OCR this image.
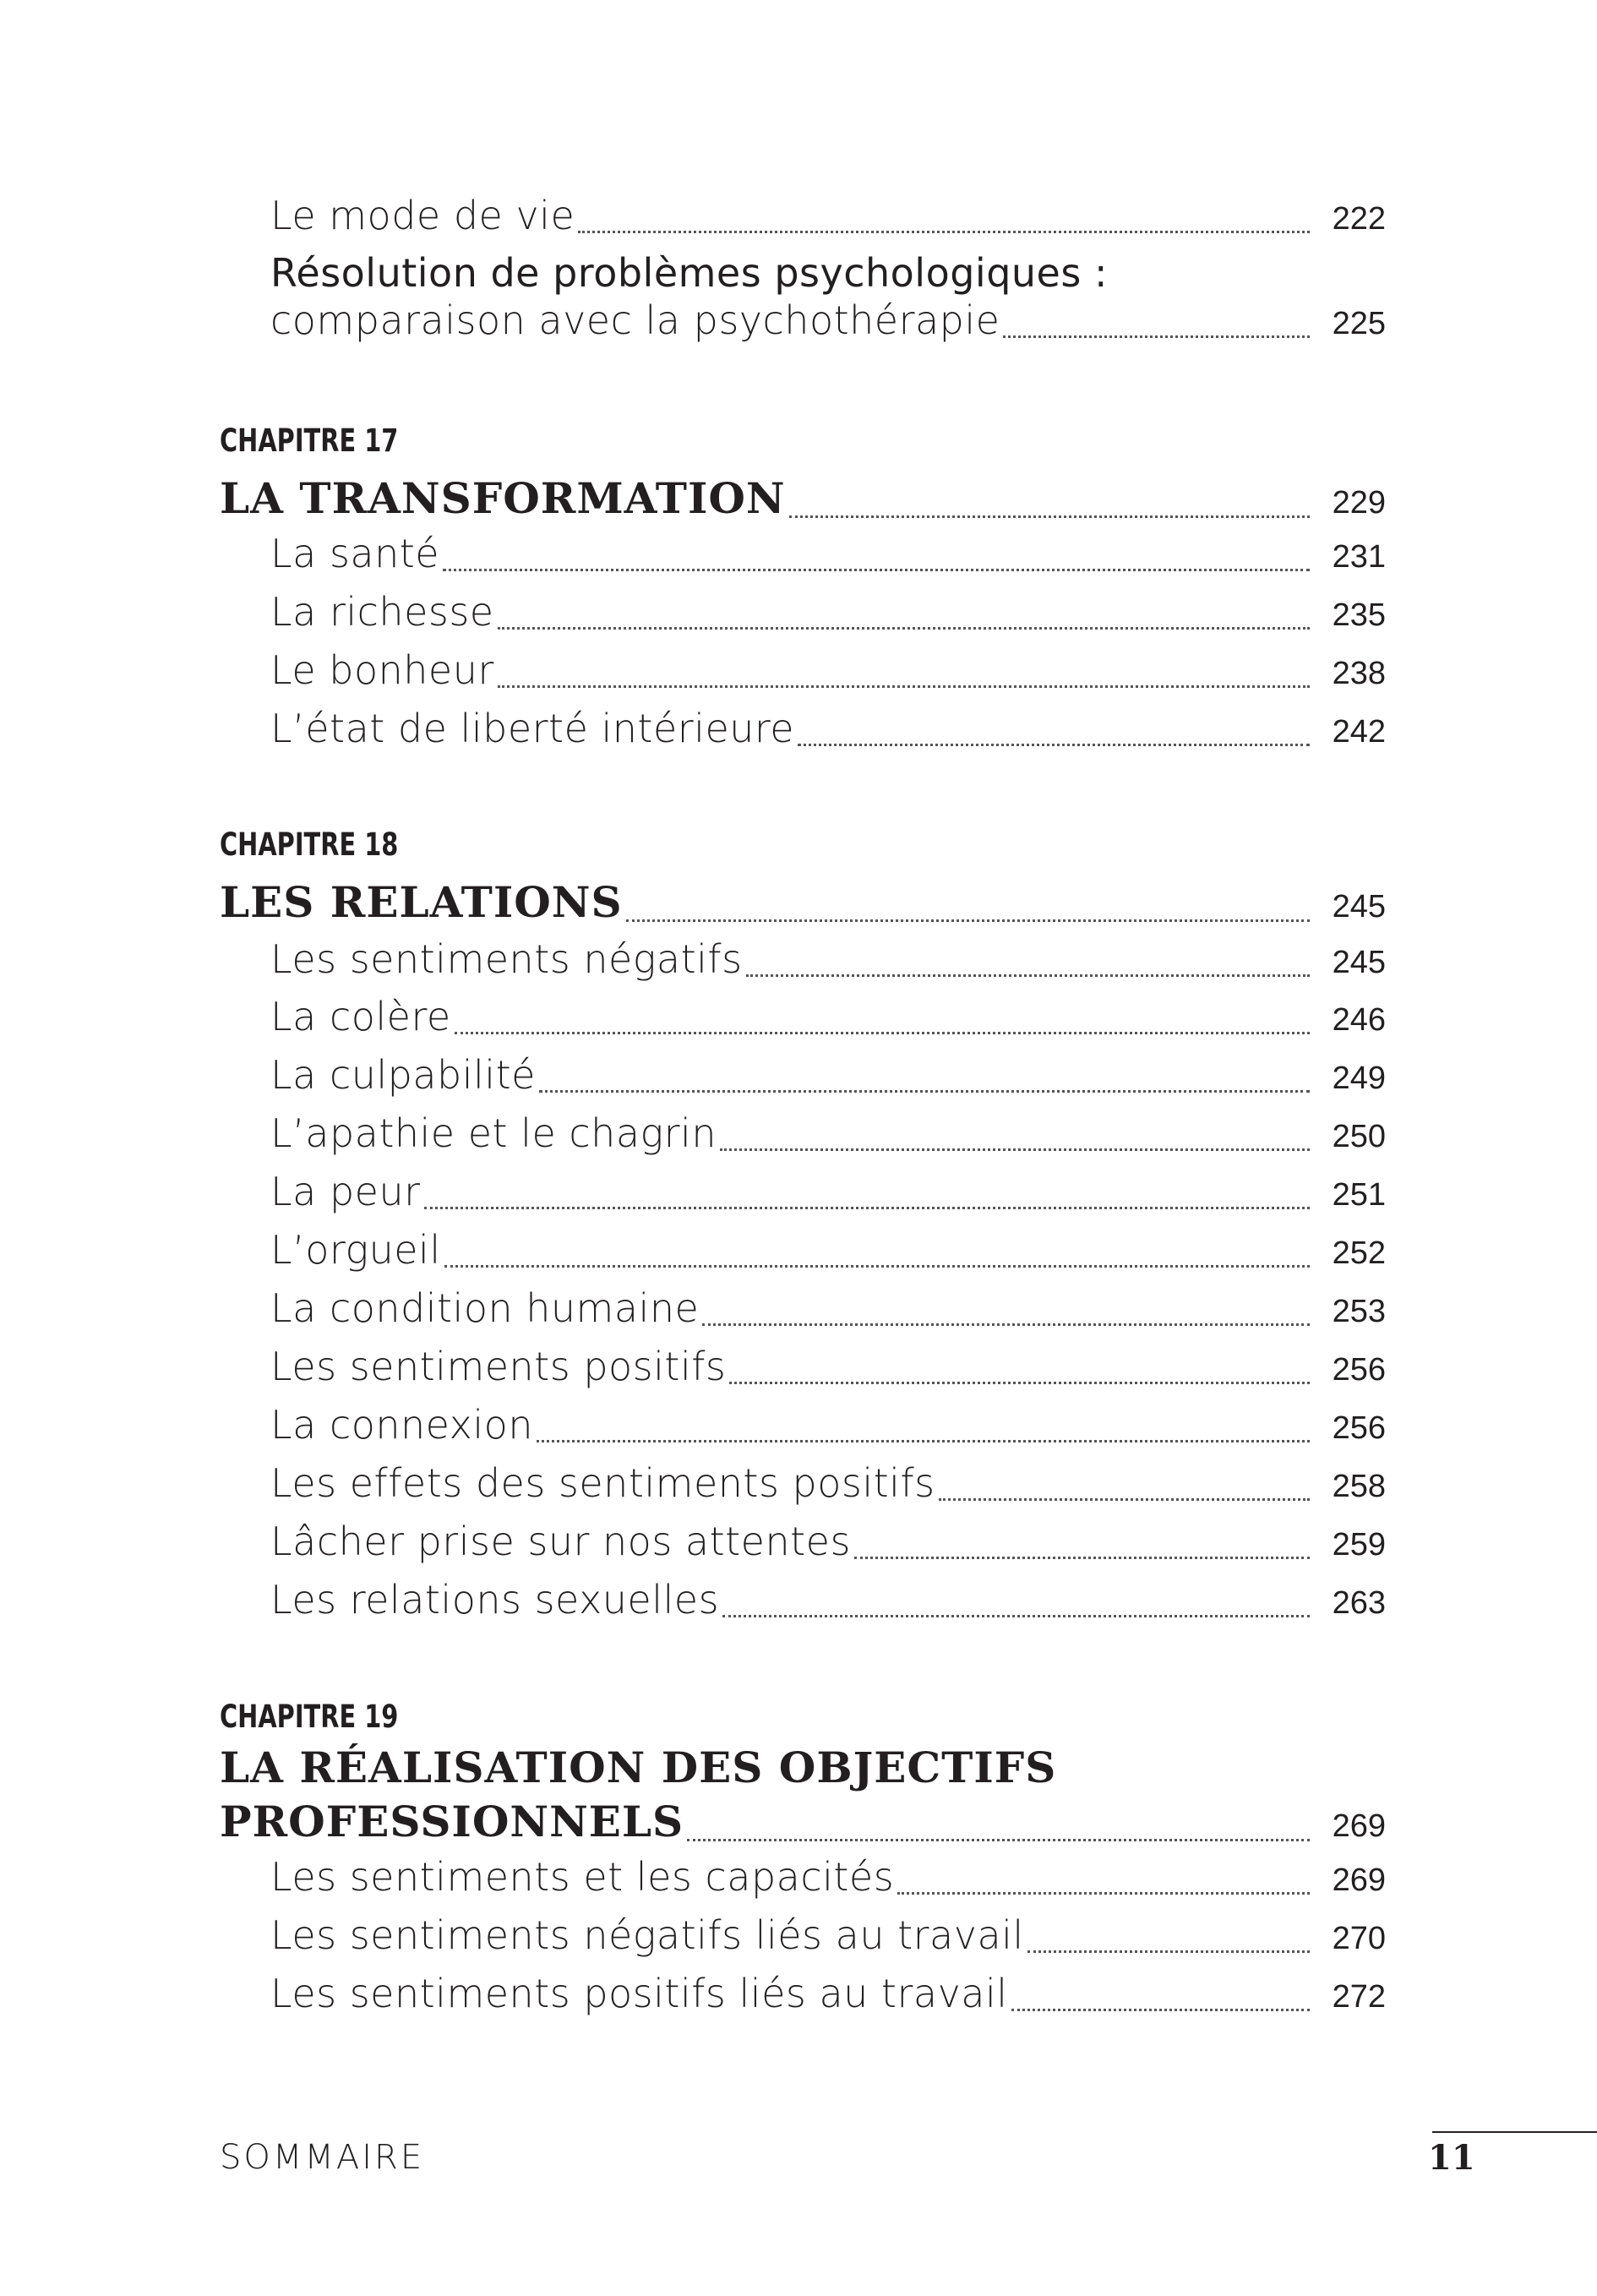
Le mode de vie	222
Résolution de problèmes psychologiques :
comparaison avec la psychothérapie	225
CHAPITRE 17
LA TRANSFORMATION	229
La santé	231
La richesse	235
Le bonheur	238
L’état de liberté intérieure	242
CHAPITRE 18
LES RELATIONS	245
Les sentiments négatifs	245
La colère	246
La culpabilité	249
L’apathie et le chagrin	250
La peur	251
L’orgueil	252
La condition humaine	253
Les sentiments positifs	256
La connexion	256
Les effets des sentiments positifs	258
Lâcher prise sur nos attentes	259
Les relations sexuelles	263
CHAPITRE 19
LA RÉALISATION DES OBJECTIFS
PROFESSIONNELS	269
Les sentiments et les capacités	269
Les sentiments négatifs liés au travail	270
Les sentiments positifs liés au travail	272
SOMMAIRE	11
